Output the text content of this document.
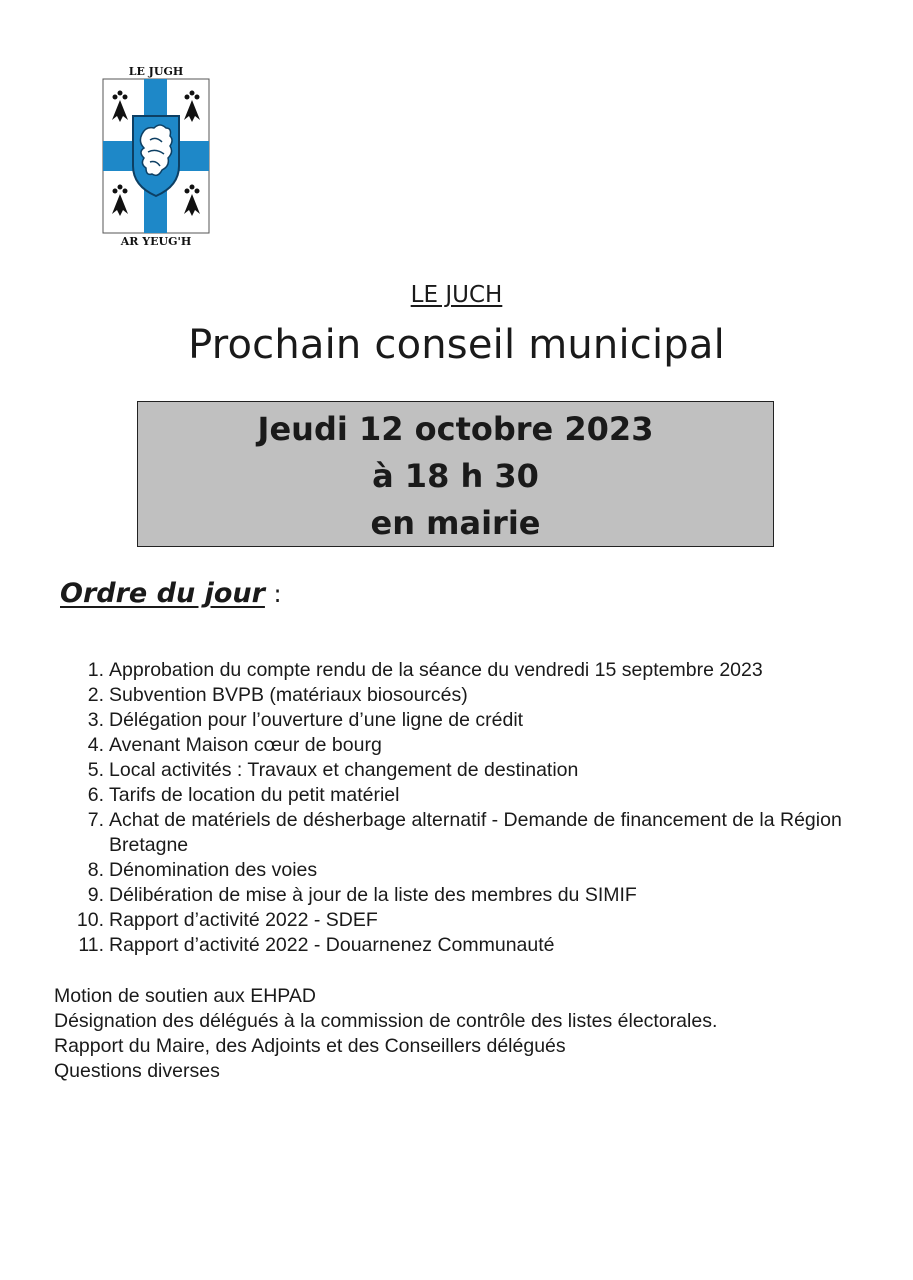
LE JUGH
AR YEUG'H
LE JUCH
Prochain conseil municipal
Jeudi 12 octobre 2023
à 18 h 30
en mairie
Ordre du jour :
1. Approbation du compte rendu de la séance du vendredi 15 septembre 2023
2. Subvention BVPB (matériaux biosourcés)
3. Délégation pour l’ouverture d’une ligne de crédit
4. Avenant Maison cœur de bourg
5. Local activités : Travaux et changement de destination
6. Tarifs de location du petit matériel
7. Achat de matériels de désherbage alternatif - Demande de financement de la Région Bretagne
8. Dénomination des voies
9. Délibération de mise à jour de la liste des membres du SIMIF
10. Rapport d’activité 2022 - SDEF
11. Rapport d’activité 2022 - Douarnenez Communauté
Motion de soutien aux EHPAD
Désignation des délégués à la commission de contrôle des listes électorales.
Rapport du Maire, des Adjoints et des Conseillers délégués
Questions diverses
